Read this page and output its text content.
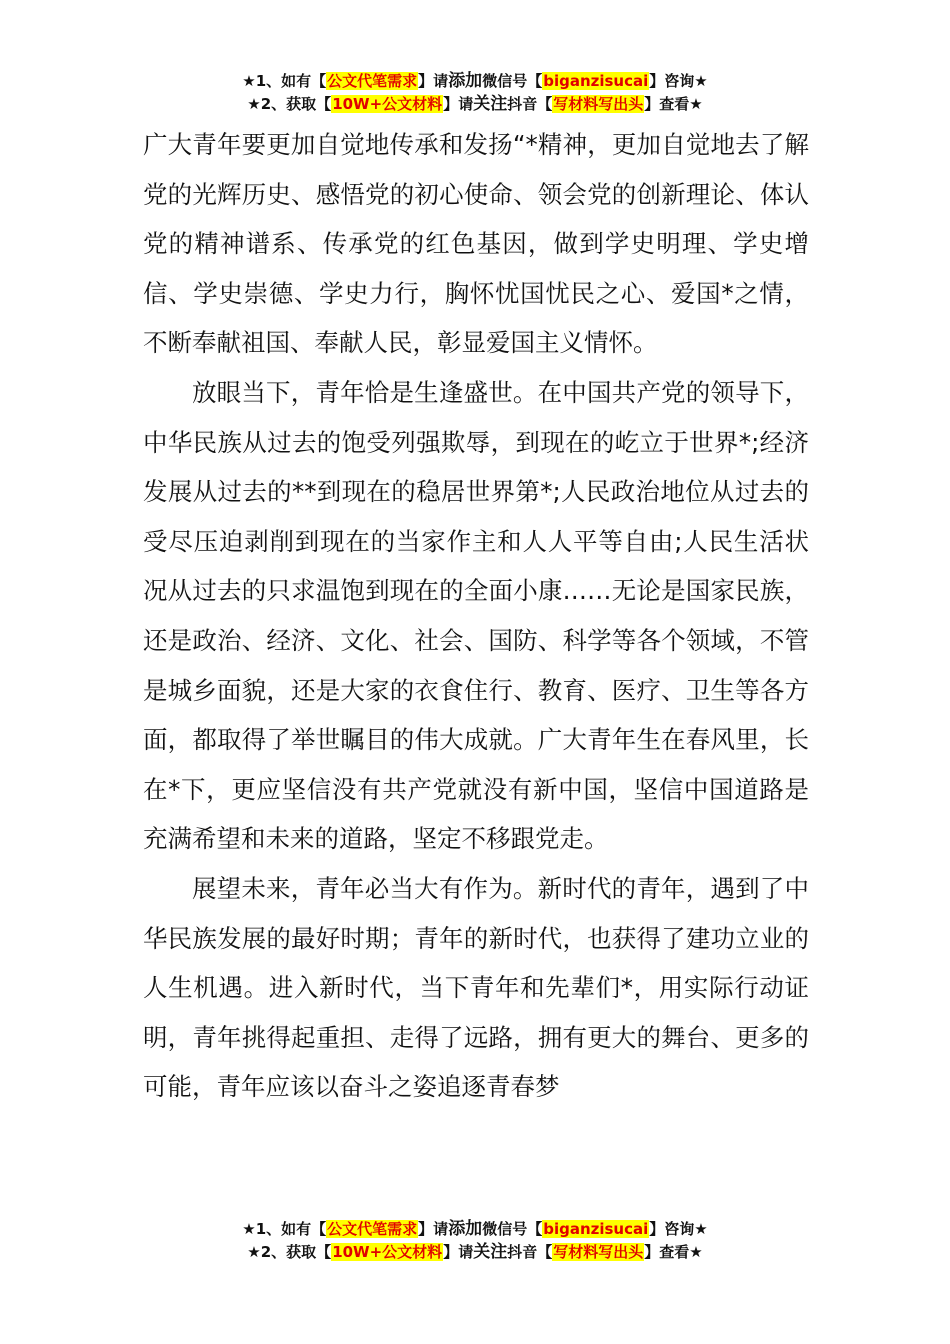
★1、如有【公文代笔需求】请添加微信号【biganzisucai】咨询★
★2、获取【10W+公文材料】请关注抖音【写材料写出头】查看★

广大青年要更加自觉地传承和发扬“*精神，更加自觉地去了解党的光辉历史、感悟党的初心使命、领会党的创新理论、体认党的精神谱系、传承党的红色基因，做到学史明理、学史增信、学史崇德、学史力行，胸怀忧国忧民之心、爱国*之情，不断奉献祖国、奉献人民，彰显爱国主义情怀。

放眼当下，青年恰是生逢盛世。在中国共产党的领导下，中华民族从过去的饱受列强欺辱，到现在的屹立于世界*;经济发展从过去的**到现在的稳居世界第*;人民政治地位从过去的受尽压迫剥削到现在的当家作主和人人平等自由;人民生活状况从过去的只求温饱到现在的全面小康……无论是国家民族，还是政治、经济、文化、社会、国防、科学等各个领域，不管是城乡面貌，还是大家的衣食住行、教育、医疗、卫生等各方面，都取得了举世瞩目的伟大成就。广大青年生在春风里，长在*下，更应坚信没有共产党就没有新中国，坚信中国道路是充满希望和未来的道路，坚定不移跟党走。

展望未来，青年必当大有作为。新时代的青年，遇到了中华民族发展的最好时期；青年的新时代，也获得了建功立业的人生机遇。进入新时代，当下青年和先辈们*，用实际行动证明，青年挑得起重担、走得了远路，拥有更大的舞台、更多的可能，青年应该以奋斗之姿追逐青春梦

★1、如有【公文代笔需求】请添加微信号【biganzisucai】咨询★
★2、获取【10W+公文材料】请关注抖音【写材料写出头】查看★
